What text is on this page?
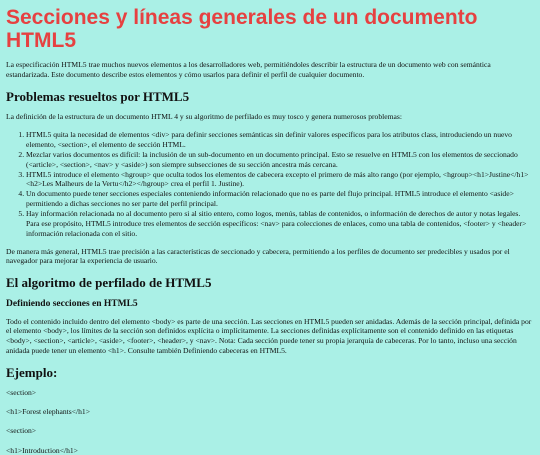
Secciones y líneas generales de un documento HTML5

La especificación HTML5 trae muchos nuevos elementos a los desarrolladores web, permitiéndoles describir la estructura de un documento web con semántica estandarizada. Este documento describe estos elementos y cómo usarlos para definir el perfil de cualquier documento.

Problemas resueltos por HTML5

La definición de la estructura de un documento HTML 4 y su algoritmo de perfilado es muy tosco y genera numerosos problemas:

1. HTML5 quita la necesidad de elementos <div> para definir secciones semánticas sin definir valores específicos para los atributos class, introduciendo un nuevo elemento, <section>, el elemento de sección HTML.
2. Mezclar varios documentos es difícil: la inclusión de un sub-documento en un documento principal. Esto se resuelve en HTML5 con los elementos de seccionado (<article>, <section>, <nav> y <aside>) son siempre subsecciones de su sección ancestra más cercana.
3. HTML5 introduce el elemento <hgroup> que oculta todos los elementos de cabecera excepto el primero de más alto rango (por ejemplo, <hgroup><h1>Justine</h1><h2>Les Malheurs de la Vertu</h2></hgroup> crea el perfil 1. Justine).
4. Un documento puede tener secciones especiales conteniendo información relacionado que no es parte del flujo principal. HTML5 introduce el elemento <aside> permitiendo a dichas secciones no ser parte del perfil principal.
5. Hay información relacionada no al documento pero si al sitio entero, como logos, menús, tablas de contenidos, o información de derechos de autor y notas legales. Para ese propósito, HTML5 introduce tres elementos de sección específicos: <nav> para colecciones de enlaces, como una tabla de contenidos, <footer> y <header> información relacionada con el sitio.

De manera más general, HTML5 trae precisión a las características de seccionado y cabecera, permitiendo a los perfiles de documento ser predecibles y usados por el navegador para mejorar la experiencia de usuario.

El algoritmo de perfilado de HTML5
Definiendo secciones en HTML5

Todo el contenido incluido dentro del elemento <body> es parte de una sección. Las secciones en HTML5 pueden ser anidadas. Además de la sección principal, definida por el elemento <body>, los límites de la sección son definidos explícita o implícitamente. La secciones definidas explícitamente son el contenido definido en las etiquetas <body>, <section>, <article>, <aside>, <footer>, <header>, y <nav>. Nota: Cada sección puede tener su propia jerarquía de cabeceras. Por lo tanto, incluso una sección anidada puede tener un elemento <h1>. Consulte también Definiendo cabeceras en HTML5.

Ejemplo:

<section>

<h1>Forest elephants</h1>

<section>

<h1>Introduction</h1>
